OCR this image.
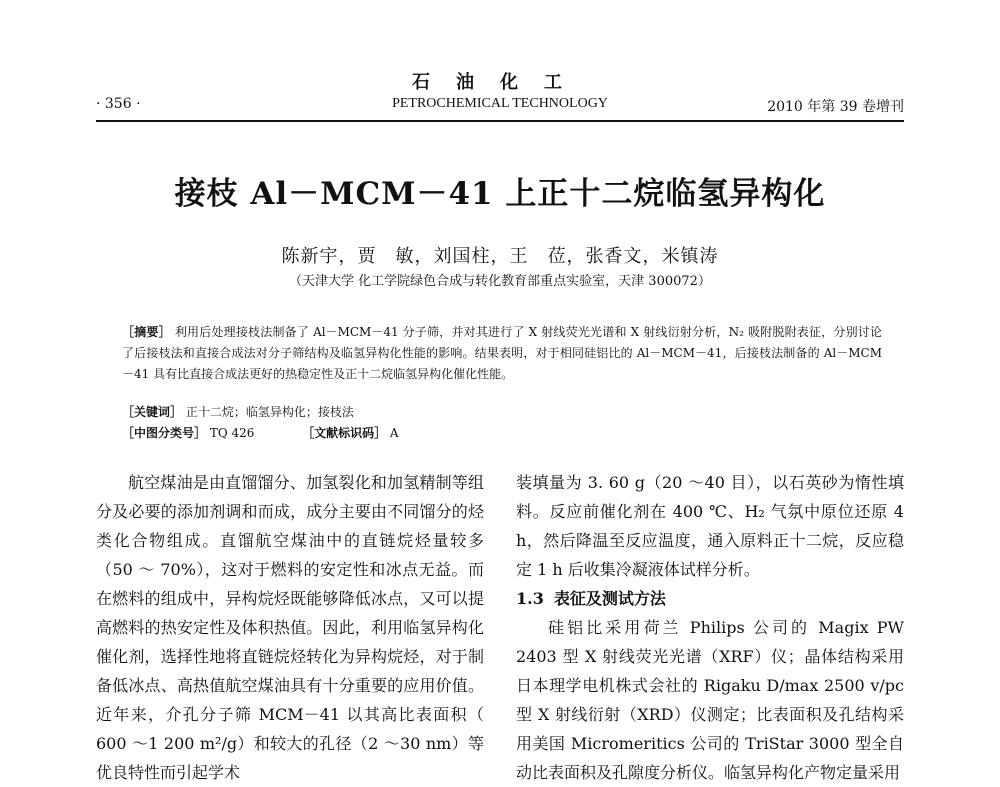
石油化工
· 356 ·	PETROCHEMICAL TECHNOLOGY	2010 年第 39 卷增刊
接枝 Al－MCM－41 上正十二烷临氢异构化
陈新宇，贾　敏，刘国柱，王　莅，张香文，米镇涛
（天津大学 化工学院绿色合成与转化教育部重点实验室，天津 300072）
［摘要］ 利用后处理接枝法制备了 Al－MCM－41 分子筛，并对其进行了 X 射线荧光光谱和 X 射线衍射分析，N₂ 吸附脱附表征，分别讨论了后接枝法和直接合成法对分子筛结构及临氢异构化性能的影响。结果表明，对于相同硅铝比的 Al－MCM－41，后接枝法制备的 Al－MCM－41 具有比直接合成法更好的热稳定性及正十二烷临氢异构化催化性能。
［关键词］ 正十二烷；临氢异构化；接枝法
［中图分类号］ TQ 426	［文献标识码］ A

航空煤油是由直馏馏分、加氢裂化和加氢精制等组分及必要的添加剂调和而成，成分主要由不同馏分的烃类化合物组成。直馏航空煤油中的直链烷烃量较多（50 ～ 70%），这对于燃料的安定性和冰点无益。而在燃料的组成中，异构烷烃既能够降低冰点，又可以提高燃料的热安定性及体积热值。因此，利用临氢异构化催化剂，选择性地将直链烷烃转化为异构烷烃，对于制备低冰点、高热值航空煤油具有十分重要的应用价值。近年来，介孔分子筛 MCM－41 以其高比表面积（ 600 ～1 200 m²/g）和较大的孔径（2 ～30 nm）等优良特性而引起学术

装填量为 3. 60 g（20 ～40 目），以石英砂为惰性填料。反应前催化剂在 400 ℃、H₂ 气氛中原位还原 4 h，然后降温至反应温度，通入原料正十二烷，反应稳定 1 h 后收集冷凝液体试样分析。

1.3 表征及测试方法

硅铝比采用荷兰 Philips 公司的 Magix PW 2403 型 X 射线荧光光谱（XRF）仪；晶体结构采用日本理学电机株式会社的 Rigaku D/max 2500 v/pc 型 X 射线衍射（XRD）仪测定；比表面积及孔结构采用美国 Micromeritics 公司的 TriStar 3000 型全自动比表面积及孔隙度分析仪。临氢异构化产物定量采用
